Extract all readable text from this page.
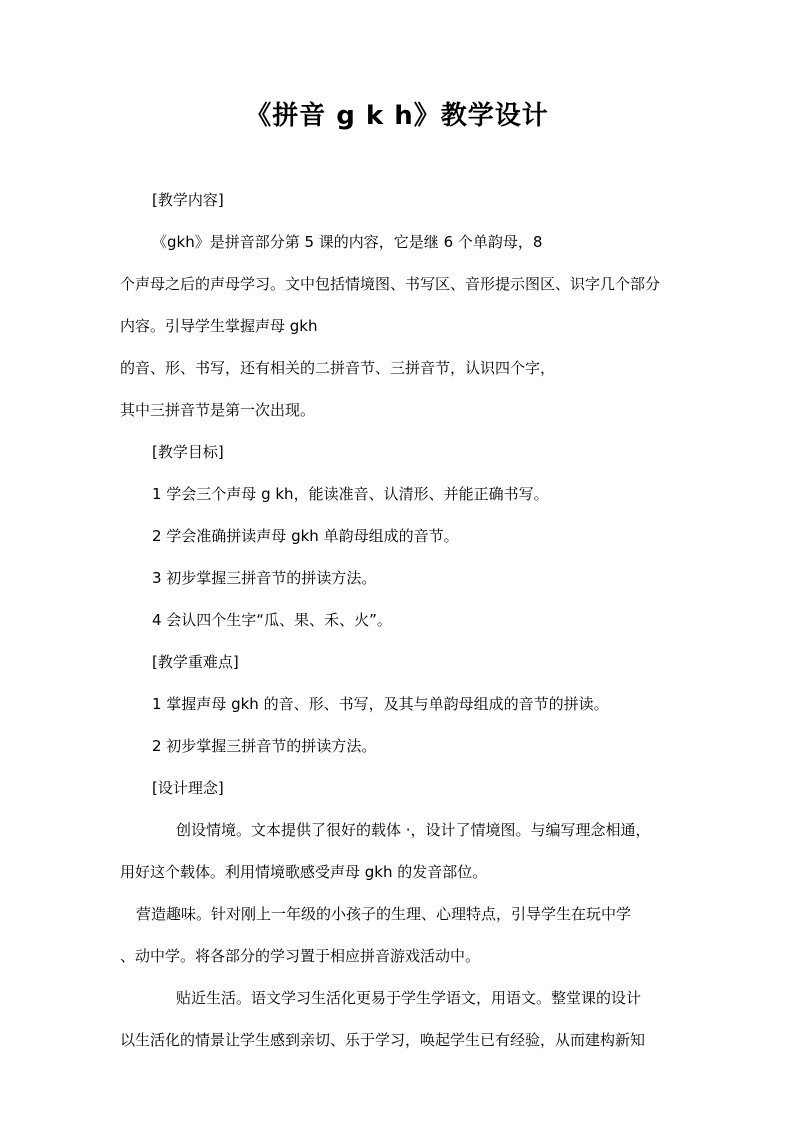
《拼音 g k h》教学设计
[教学内容]
《gkh》是拼音部分第 5 课的内容，它是继 6 个单韵母，8
个声母之后的声母学习。文中包括情境图、书写区、音形提示图区、识字几个部分
内容。引导学生掌握声母 gkh
的音、形、书写，还有相关的二拼音节、三拼音节，认识四个字，
其中三拼音节是第一次出现。
[教学目标]
1 学会三个声母 g kh，能读准音、认清形、并能正确书写。
2 学会准确拼读声母 gkh 单韵母组成的音节。
3 初步掌握三拼音节的拼读方法。
4 会认四个生字“瓜、果、禾、火”。
[教学重难点]
1 掌握声母 gkh 的音、形、书写，及其与单韵母组成的音节的拼读。
2 初步掌握三拼音节的拼读方法。
[设计理念]
创设情境。文本提供了很好的载体 ·，设计了情境图。与编写理念相通，
用好这个载体。利用情境歌感受声母 gkh 的发音部位。
营造趣味。针对刚上一年级的小孩子的生理、心理特点，引导学生在玩中学
、动中学。将各部分的学习置于相应拼音游戏活动中。
贴近生活。语文学习生活化更易于学生学语文，用语文。整堂课的设计
以生活化的情景让学生感到亲切、乐于学习，唤起学生已有经验，从而建构新知
